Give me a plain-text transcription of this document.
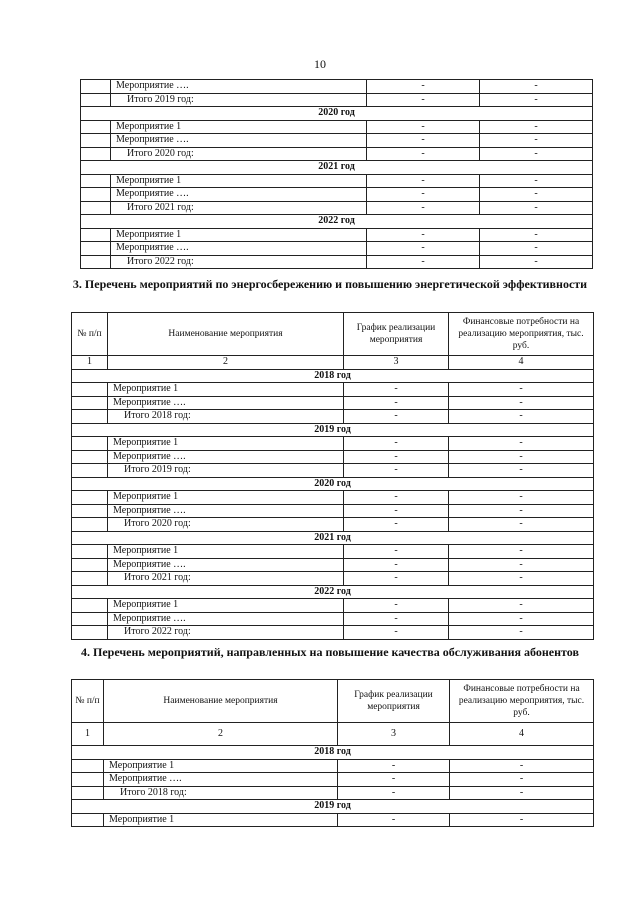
10
	Мероприятие ….	-	-
	Итого 2019 год:	-	-
2020 год			
	Мероприятие 1	-	-
	Мероприятие ….	-	-
	Итого 2020 год:	-	-
2021 год			
	Мероприятие 1	-	-
	Мероприятие ….	-	-
	Итого 2021 год:	-	-
2022 год			
	Мероприятие 1	-	-
	Мероприятие ….	-	-
	Итого 2022 год:	-	-
3. Перечень мероприятий по энергосбережению и повышению энергетической эффективности
№ п/п	Наименование мероприятия	График реализации мероприятия	Финансовые потребности на реализацию мероприятия, тыс. руб.
1	2	3	4
2018 год			
	Мероприятие 1	-	-
	Мероприятие ….	-	-
	Итого 2018 год:	-	-
2019 год			
	Мероприятие 1	-	-
	Мероприятие ….	-	-
	Итого 2019 год:	-	-
2020 год			
	Мероприятие 1	-	-
	Мероприятие ….	-	-
	Итого 2020 год:	-	-
2021 год			
	Мероприятие 1	-	-
	Мероприятие ….	-	-
	Итого 2021 год:	-	-
2022 год			
	Мероприятие 1	-	-
	Мероприятие ….	-	-
	Итого 2022 год:	-	-
4. Перечень мероприятий, направленных на повышение качества обслуживания абонентов
№ п/п	Наименование мероприятия	График реализации мероприятия	Финансовые потребности на реализацию мероприятия, тыс. руб.
1	2	3	4
2018 год			
	Мероприятие 1	-	-
	Мероприятие ….	-	-
	Итого 2018 год:	-	-
2019 год			
	Мероприятие 1	-	-
